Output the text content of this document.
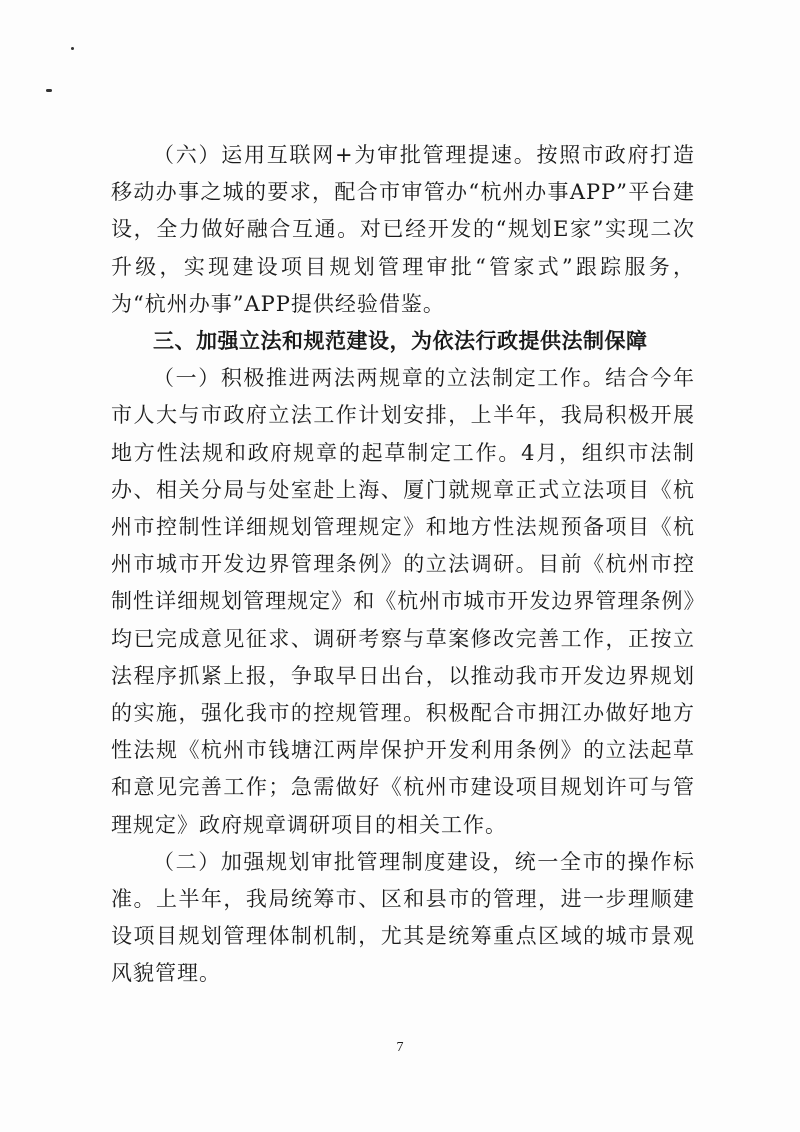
（六）运用互联网+为审批管理提速。按照市政府打造移动办事之城的要求，配合市审管办“杭州办事APP”平台建设，全力做好融合互通。对已经开发的“规划E家”实现二次升级，实现建设项目规划管理审批“管家式”跟踪服务，为“杭州办事”APP提供经验借鉴。

三、加强立法和规范建设，为依法行政提供法制保障

（一）积极推进两法两规章的立法制定工作。结合今年市人大与市政府立法工作计划安排，上半年，我局积极开展地方性法规和政府规章的起草制定工作。4月，组织市法制办、相关分局与处室赴上海、厦门就规章正式立法项目《杭州市控制性详细规划管理规定》和地方性法规预备项目《杭州市城市开发边界管理条例》的立法调研。目前《杭州市控制性详细规划管理规定》和《杭州市城市开发边界管理条例》均已完成意见征求、调研考察与草案修改完善工作，正按立法程序抓紧上报，争取早日出台，以推动我市开发边界规划的实施，强化我市的控规管理。积极配合市拥江办做好地方性法规《杭州市钱塘江两岸保护开发利用条例》的立法起草和意见完善工作；急需做好《杭州市建设项目规划许可与管理规定》政府规章调研项目的相关工作。

（二）加强规划审批管理制度建设，统一全市的操作标准。上半年，我局统筹市、区和县市的管理，进一步理顺建设项目规划管理体制机制，尤其是统筹重点区域的城市景观风貌管理。

7
